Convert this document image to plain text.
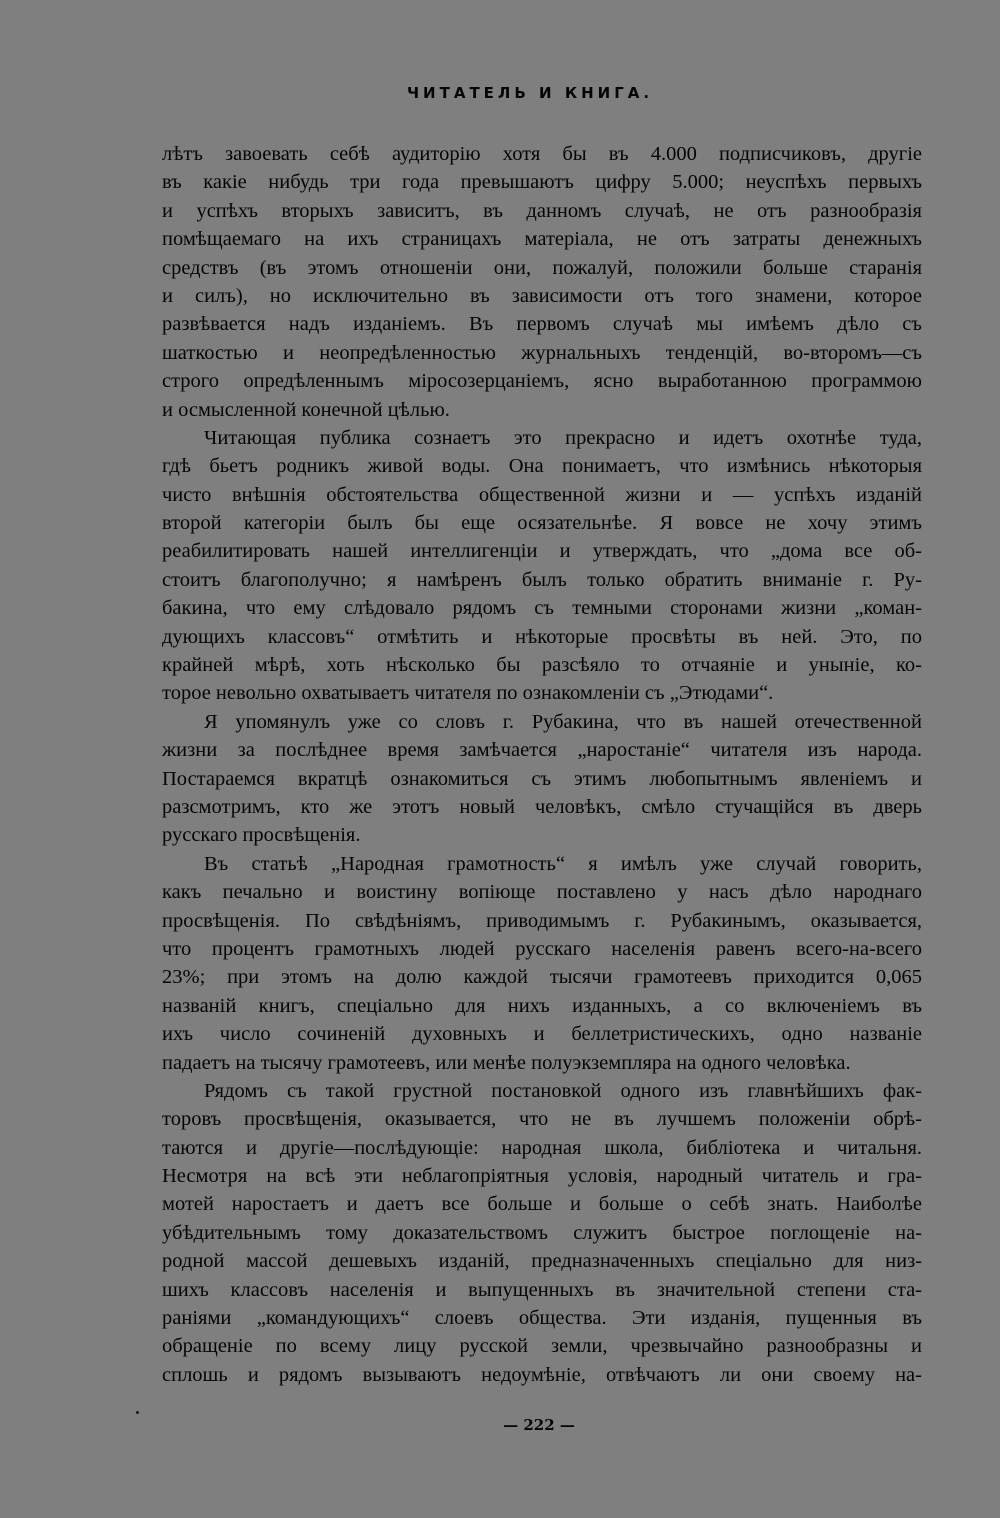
ЧИТАТЕЛЬ И КНИГА.
лѣтъ завоевать себѣ аудиторію хотя бы въ 4.000 подписчиковъ, другіе
въ какіе нибудь три года превышаютъ цифру 5.000; неуспѣхъ первыхъ
и успѣхъ вторыхъ зависитъ, въ данномъ случаѣ, не отъ разнообразія
помѣщаемаго на ихъ страницахъ матеріала, не отъ затраты денежныхъ
средствъ (въ этомъ отношеніи они, пожалуй, положили больше старанія
и силъ), но исключительно въ зависимости отъ того знамени, которое
развѣвается надъ изданіемъ. Въ первомъ случаѣ мы имѣемъ дѣло съ
шаткостью и неопредѣленностью журнальныхъ тенденцій, во-второмъ—съ
строго опредѣленнымъ міросозерцаніемъ, ясно выработанною программою
и осмысленной конечной цѣлью.
Читающая публика сознаетъ это прекрасно и идетъ охотнѣе туда,
гдѣ бьетъ родникъ живой воды. Она понимаетъ, что измѣнись нѣкоторыя
чисто внѣшнія обстоятельства общественной жизни и — успѣхъ изданій
второй категоріи былъ бы еще осязательнѣе. Я вовсе не хочу этимъ
реабилитировать нашей интеллигенціи и утверждать, что „дома все об-
стоитъ благополучно; я намѣренъ былъ только обратить вниманіе г. Ру-
бакина, что ему слѣдовало рядомъ съ темными сторонами жизни „коман-
дующихъ классовъ“ отмѣтить и нѣкоторые просвѣты въ ней. Это, по
крайней мѣрѣ, хоть нѣсколько бы разсѣяло то отчаяніе и уныніе, ко-
торое невольно охватываетъ читателя по ознакомленіи съ „Этюдами“.
Я упомянулъ уже со словъ г. Рубакина, что въ нашей отечественной
жизни за послѣднее время замѣчается „наростаніе“ читателя изъ народа.
Постараемся вкратцѣ ознакомиться съ этимъ любопытнымъ явленіемъ и
разсмотримъ, кто же этотъ новый человѣкъ, смѣло стучащійся въ дверь
русскаго просвѣщенія.
Въ статьѣ „Народная грамотность“ я имѣлъ уже случай говорить,
какъ печально и воистину вопіюще поставлено у насъ дѣло народнаго
просвѣщенія. По свѣдѣніямъ, приводимымъ г. Рубакинымъ, оказывается,
что процентъ грамотныхъ людей русскаго населенія равенъ всего-на-всего
23%; при этомъ на долю каждой тысячи грамотеевъ приходится 0,065
названій книгъ, спеціально для нихъ изданныхъ, а со включеніемъ въ
ихъ число сочиненій духовныхъ и беллетристическихъ, одно названіе
падаетъ на тысячу грамотеевъ, или менѣе полуэкземпляра на одного человѣка.
Рядомъ съ такой грустной постановкой одного изъ главнѣйшихъ фак-
торовъ просвѣщенія, оказывается, что не въ лучшемъ положеніи обрѣ-
таются и другіе—послѣдующіе: народная школа, библіотека и читальня.
Несмотря на всѣ эти неблагопріятныя условія, народный читатель и гра-
мотей наростаетъ и даетъ все больше и больше о себѣ знать. Наиболѣе
убѣдительнымъ тому доказательствомъ служитъ быстрое поглощеніе на-
родной массой дешевыхъ изданій, предназначенныхъ спеціально для низ-
шихъ классовъ населенія и выпущенныхъ въ значительной степени ста-
раніями „командующихъ“ слоевъ общества. Эти изданія, пущенныя въ
обращеніе по всему лицу русской земли, чрезвычайно разнообразны и
сплошь и рядомъ вызываютъ недоумѣніе, отвѣчаютъ ли они своему на-
— 222 —
